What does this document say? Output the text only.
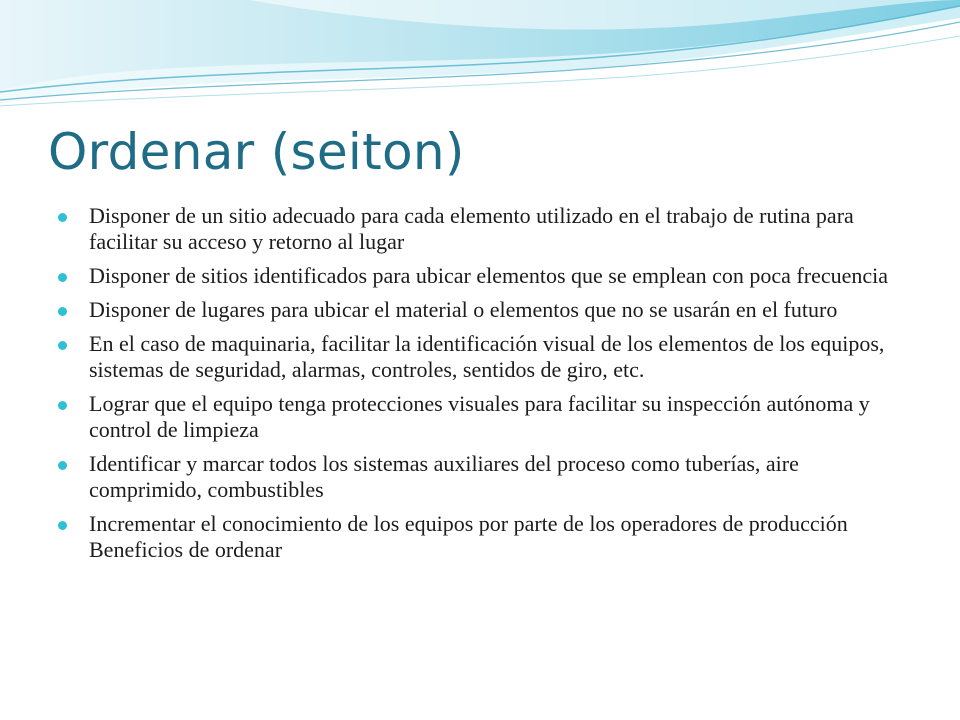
Ordenar (seiton)
Disponer de un sitio adecuado para cada elemento utilizado en el trabajo de rutina para facilitar su acceso y retorno al lugar
Disponer de sitios identificados para ubicar elementos que se emplean con poca frecuencia
Disponer de lugares para ubicar el material o elementos que no se usarán en el futuro
En el caso de maquinaria, facilitar la identificación visual de los elementos de los equipos, sistemas de seguridad, alarmas, controles, sentidos de giro, etc.
Lograr que el equipo tenga protecciones visuales para facilitar su inspección autónoma y control de limpieza
Identificar y marcar todos los sistemas auxiliares del proceso como tuberías, aire comprimido, combustibles
Incrementar el conocimiento de los equipos por parte de los operadores de producción Beneficios de ordenar
